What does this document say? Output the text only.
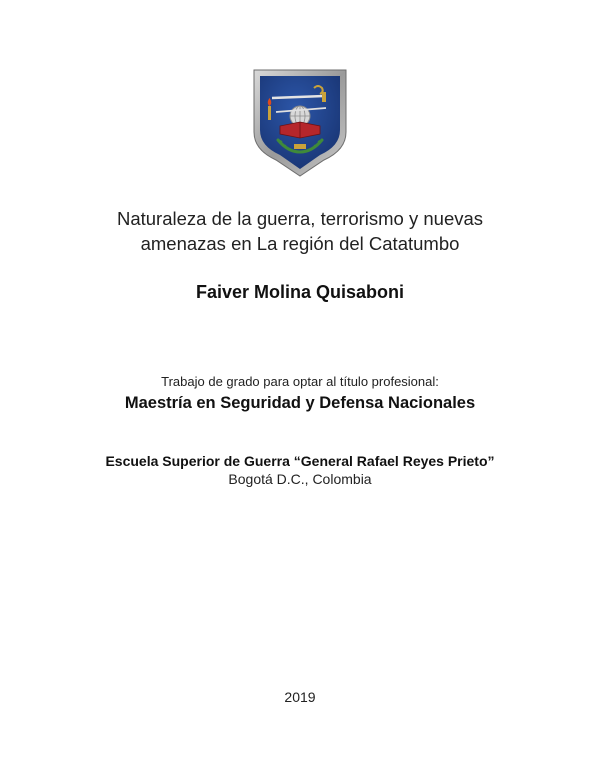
Naturaleza de la guerra, terrorismo y nuevas
amenazas en La región del Catatumbo
Faiver Molina Quisaboni
Trabajo de grado para optar al título profesional:
Maestría en Seguridad y Defensa Nacionales
Escuela Superior de Guerra “General Rafael Reyes Prieto”
Bogotá D.C., Colombia
2019
